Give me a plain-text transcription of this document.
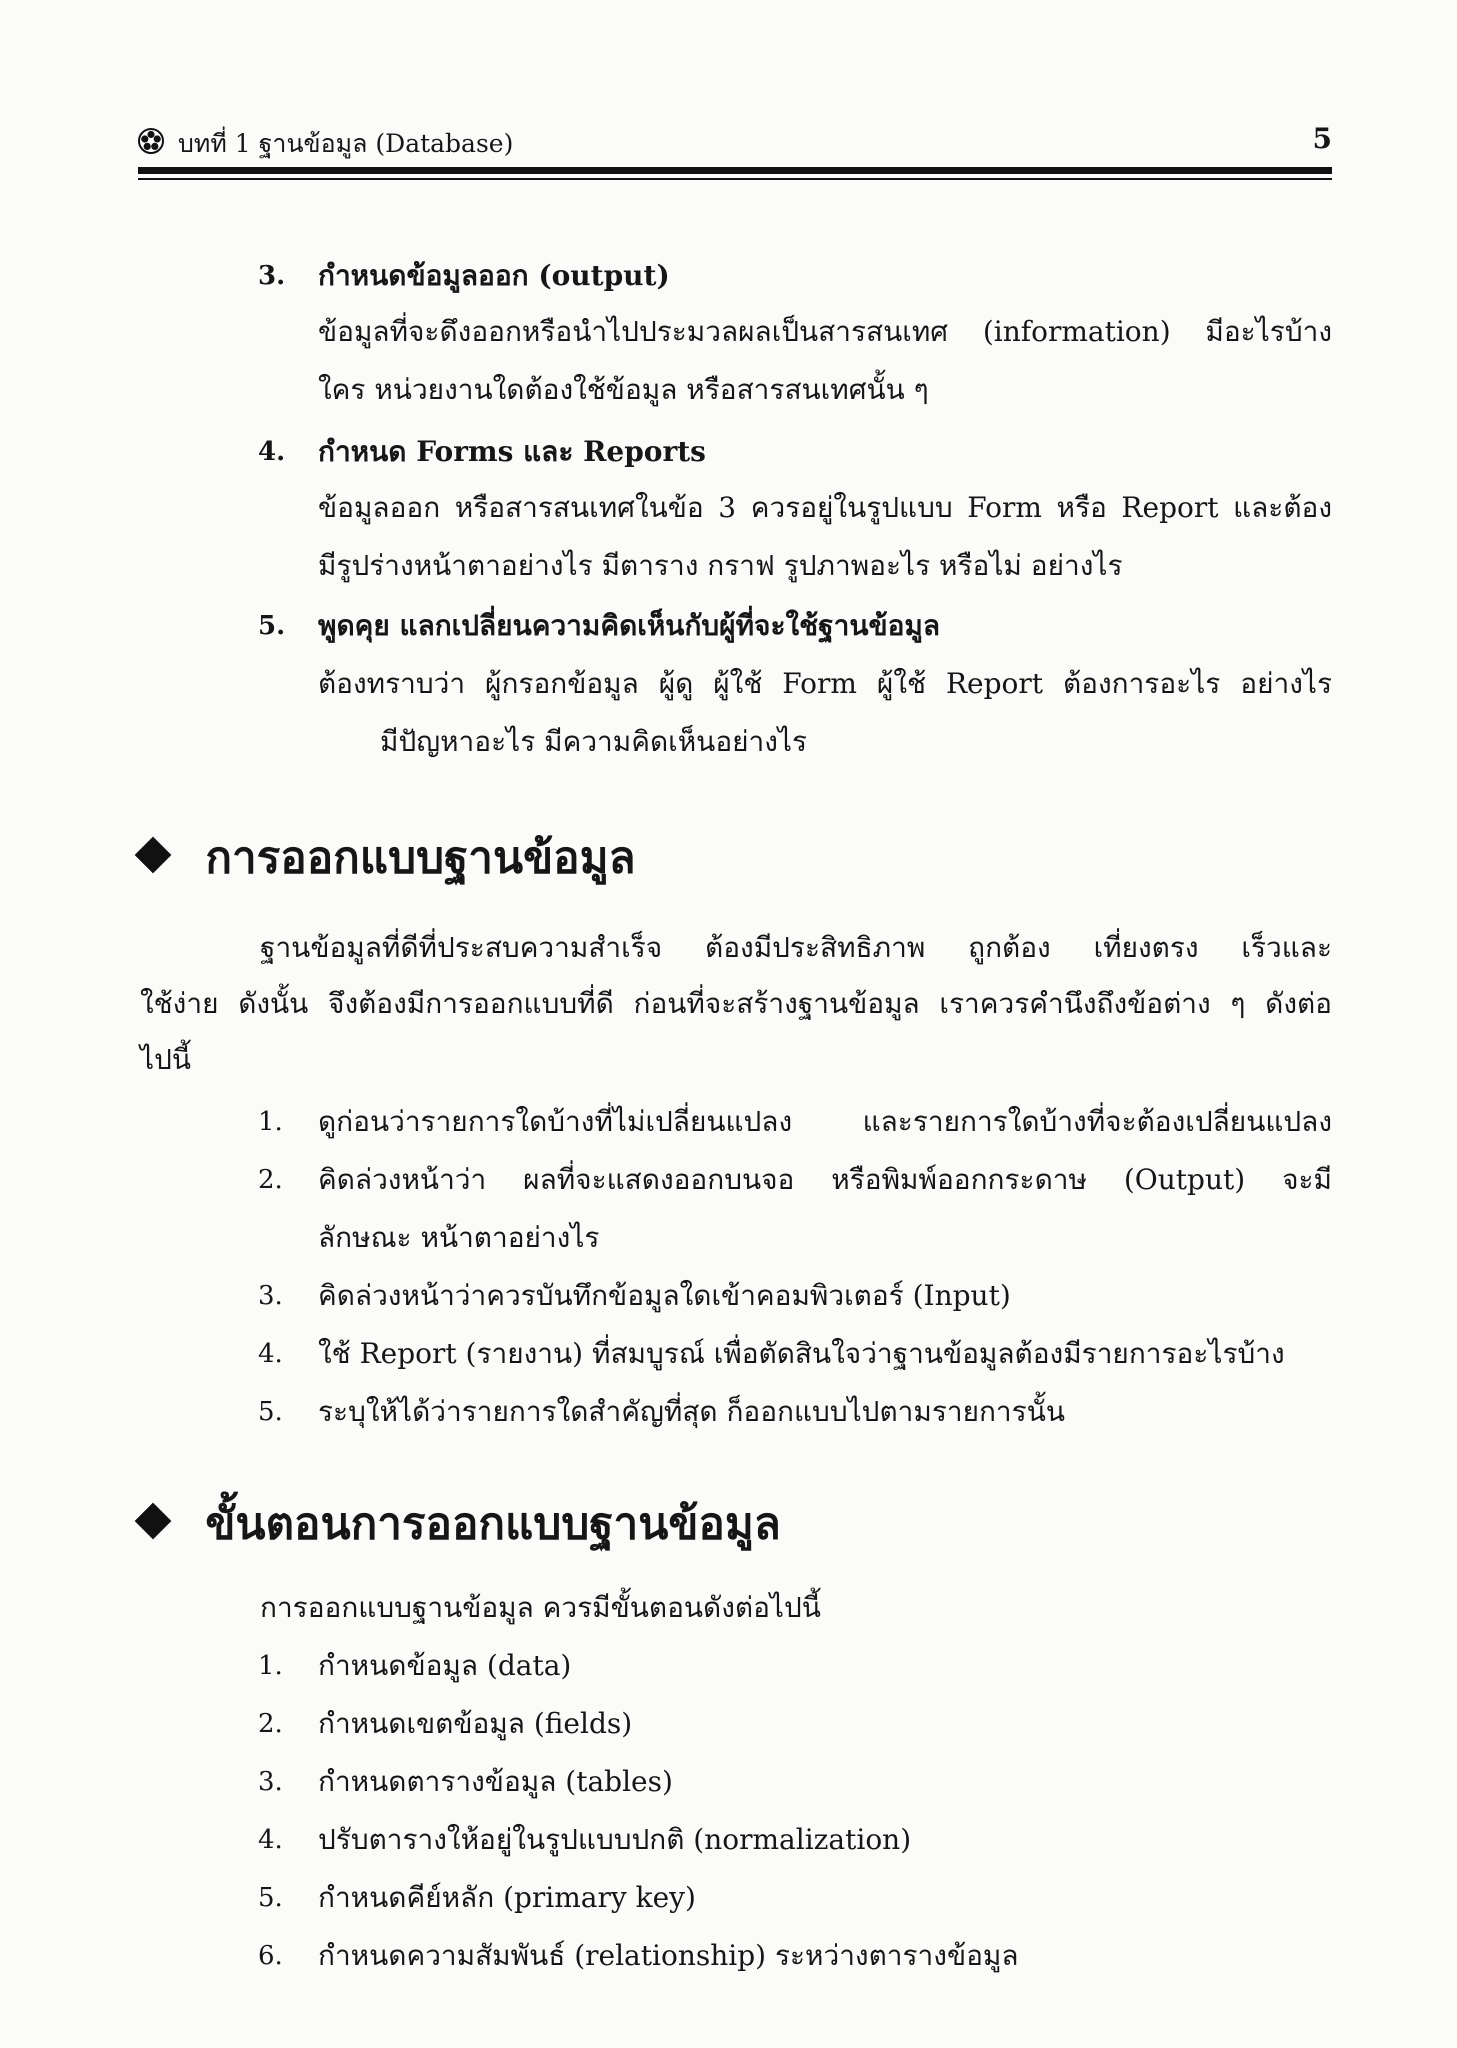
บทที่ 1 ฐานข้อมูล (Database)	5
3. กำหนดข้อมูลออก (output)
ข้อมูลที่จะดึงออกหรือนำไปประมวลผลเป็นสารสนเทศ (information) มีอะไรบ้าง
ใคร หน่วยงานใดต้องใช้ข้อมูล หรือสารสนเทศนั้น ๆ
4. กำหนด Forms และ Reports
ข้อมูลออก หรือสารสนเทศในข้อ 3 ควรอยู่ในรูปแบบ Form หรือ Report และต้อง
มีรูปร่างหน้าตาอย่างไร มีตาราง กราฟ รูปภาพอะไร หรือไม่ อย่างไร
5. พูดคุย แลกเปลี่ยนความคิดเห็นกับผู้ที่จะใช้ฐานข้อมูล
ต้องทราบว่า ผู้กรอกข้อมูล ผู้ดู ผู้ใช้ Form ผู้ใช้ Report ต้องการอะไร อย่างไร
มีปัญหาอะไร มีความคิดเห็นอย่างไร
การออกแบบฐานข้อมูล
ฐานข้อมูลที่ดีที่ประสบความสำเร็จ ต้องมีประสิทธิภาพ ถูกต้อง เที่ยงตรง เร็วและ
ใช้ง่าย ดังนั้น จึงต้องมีการออกแบบที่ดี ก่อนที่จะสร้างฐานข้อมูล เราควรคำนึงถึงข้อต่าง ๆ ดังต่อ
ไปนี้
1. ดูก่อนว่ารายการใดบ้างที่ไม่เปลี่ยนแปลง และรายการใดบ้างที่จะต้องเปลี่ยนแปลง
2. คิดล่วงหน้าว่า ผลที่จะแสดงออกบนจอ หรือพิมพ์ออกกระดาษ (Output) จะมี
ลักษณะ หน้าตาอย่างไร
3. คิดล่วงหน้าว่าควรบันทึกข้อมูลใดเข้าคอมพิวเตอร์ (Input)
4. ใช้ Report (รายงาน) ที่สมบูรณ์ เพื่อตัดสินใจว่าฐานข้อมูลต้องมีรายการอะไรบ้าง
5. ระบุให้ได้ว่ารายการใดสำคัญที่สุด ก็ออกแบบไปตามรายการนั้น
ขั้นตอนการออกแบบฐานข้อมูล
การออกแบบฐานข้อมูล ควรมีขั้นตอนดังต่อไปนี้
1. กำหนดข้อมูล (data)
2. กำหนดเขตข้อมูล (fields)
3. กำหนดตารางข้อมูล (tables)
4. ปรับตารางให้อยู่ในรูปแบบปกติ (normalization)
5. กำหนดคีย์หลัก (primary key)
6. กำหนดความสัมพันธ์ (relationship) ระหว่างตารางข้อมูล
